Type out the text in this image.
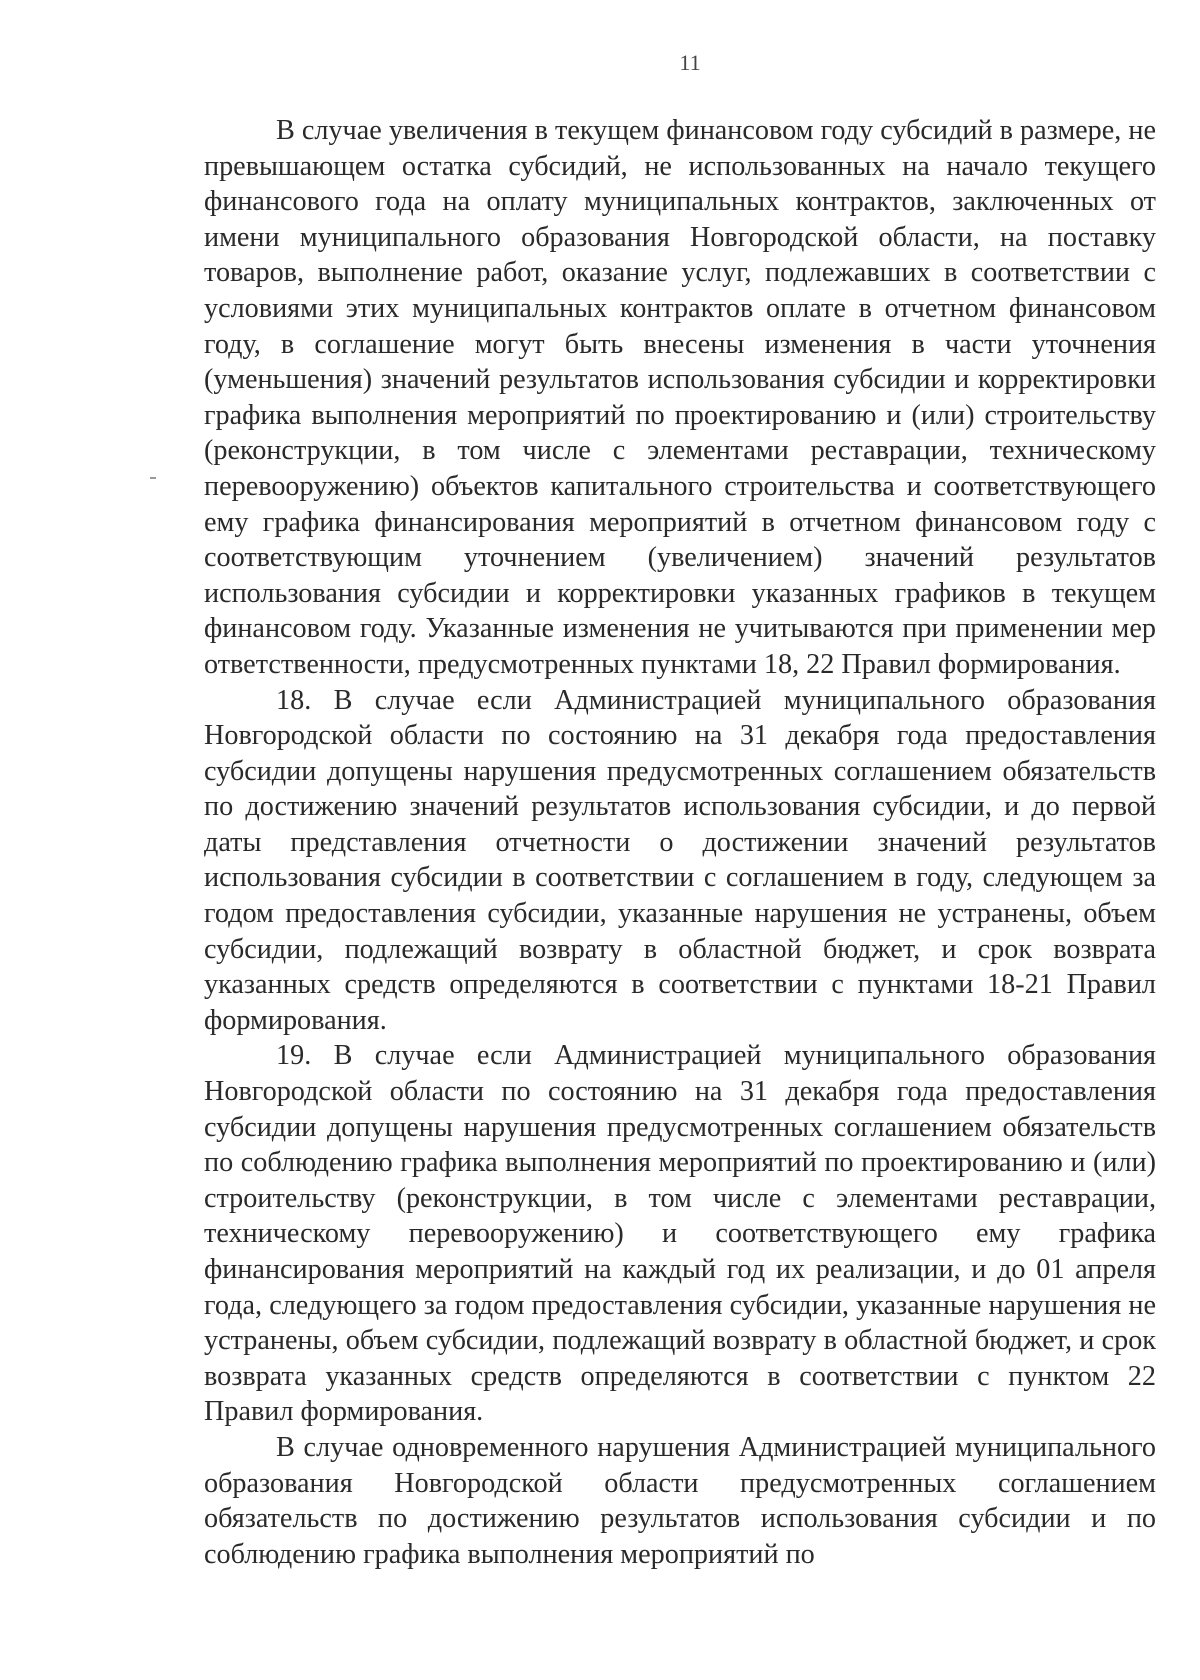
11

В случае увеличения в текущем финансовом году субсидий в размере, не превышающем остатка субсидий, не использованных на начало текущего финансового года на оплату муниципальных контрактов, заключенных от имени муниципального образования Новгородской области, на поставку товаров, выполнение работ, оказание услуг, подлежавших в соответствии с условиями этих муниципальных контрактов оплате в отчетном финансовом году, в соглашение могут быть внесены изменения в части уточнения (уменьшения) значений результатов использования субсидии и корректировки графика выполнения мероприятий по проектированию и (или) строительству (реконструкции, в том числе с элементами реставрации, техническому перевооружению) объектов капитального строительства и соответствующего ему графика финансирования мероприятий в отчетном финансовом году с соответствующим уточнением (увеличением) значений результатов использования субсидии и корректировки указанных графиков в текущем финансовом году. Указанные изменения не учитываются при применении мер ответственности, предусмотренных пунктами 18, 22 Правил формирования.

18. В случае если Администрацией муниципального образования Новгородской области по состоянию на 31 декабря года предоставления субсидии допущены нарушения предусмотренных соглашением обязательств по достижению значений результатов использования субсидии, и до первой даты представления отчетности о достижении значений результатов использования субсидии в соответствии с соглашением в году, следующем за годом предоставления субсидии, указанные нарушения не устранены, объем субсидии, подлежащий возврату в областной бюджет, и срок возврата указанных средств определяются в соответствии с пунктами 18-21 Правил формирования.

19. В случае если Администрацией муниципального образования Новгородской области по состоянию на 31 декабря года предоставления субсидии допущены нарушения предусмотренных соглашением обязательств по соблюдению графика выполнения мероприятий по проектированию и (или) строительству (реконструкции, в том числе с элементами реставрации, техническому перевооружению) и соответствующего ему графика финансирования мероприятий на каждый год их реализации, и до 01 апреля года, следующего за годом предоставления субсидии, указанные нарушения не устранены, объем субсидии, подлежащий возврату в областной бюджет, и срок возврата указанных средств определяются в соответствии с пунктом 22 Правил формирования.

В случае одновременного нарушения Администрацией муниципального образования Новгородской области предусмотренных соглашением обязательств по достижению результатов использования субсидии и по соблюдению графика выполнения мероприятий по
